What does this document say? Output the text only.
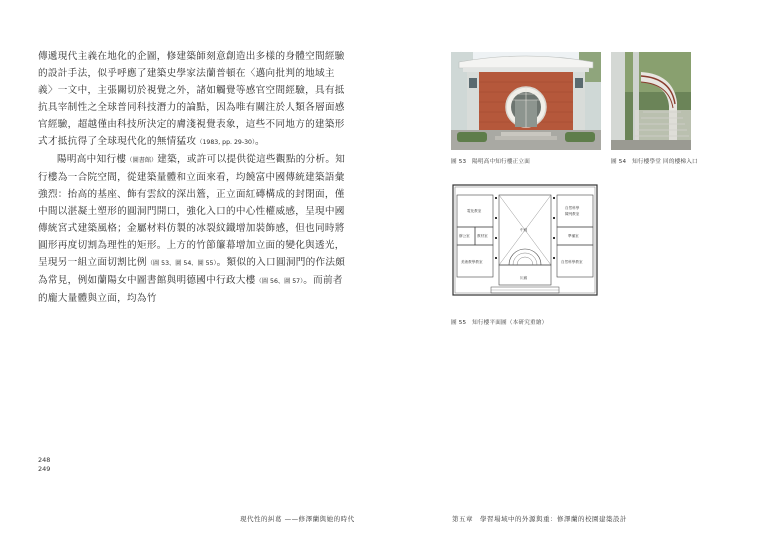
傳遞現代主義在地化的企圖，修建築師刻意創造出多樣的身體空間經驗的設計手法，似乎呼應了建築史學家法蘭普頓在〈邁向批判的地域主義〉一文中，主張關切於視覺之外，諸如觸覺等感官空間經驗，具有抵抗具宰制性之全球普同科技潛力的論點，因為唯有關注於人類各層面感官經驗，超越僅由科技所決定的膚淺視覺表象，這些不同地方的建築形式才抵抗得了全球現代化的無情猛攻（1983, pp. 29-30）。

陽明高中知行樓（圖書館）建築，或許可以提供從這些觀點的分析。知行樓為一合院空間，從建築量體和立面來看，均饒富中國傳統建築語彙強烈：抬高的基座、飾有雲紋的深出簷，正立面紅磚構成的封閉面，僅中間以湛凝土塑形的圓洞門開口，強化入口的中心性權威感，呈現中國傳統宮式建築風格；金屬材料仿製的冰裂紋鐵增加裝飾感，但也同時將圓形再度切割為理性的矩形。上方的竹節簾幕增加立面的變化與透光，呈現另一組立面切割比例（圖 53、圖 54、圖 55）。類似的入口圓洞門的作法頗為常見，例如蘭陽女中圖書館與明德國中行政大樓（圖 56、圖 57）。而前者的龐大量體與立面，均為竹

248
249
現代性的糾葛 ——修澤蘭與她的時代	第五章　學習場域中的外源與重：修澤蘭的校園建築設計
電化教室
自然科學
陳列教室
辦公室 教材室	準備室
美術教學教室	自然科學教室
中庭
川廊
圖 53　陽明高中知行樓正立面	圖 54　知行樓學堂 回的樓梯入口
圖 55　知行樓平面圖（本研究重繪）
